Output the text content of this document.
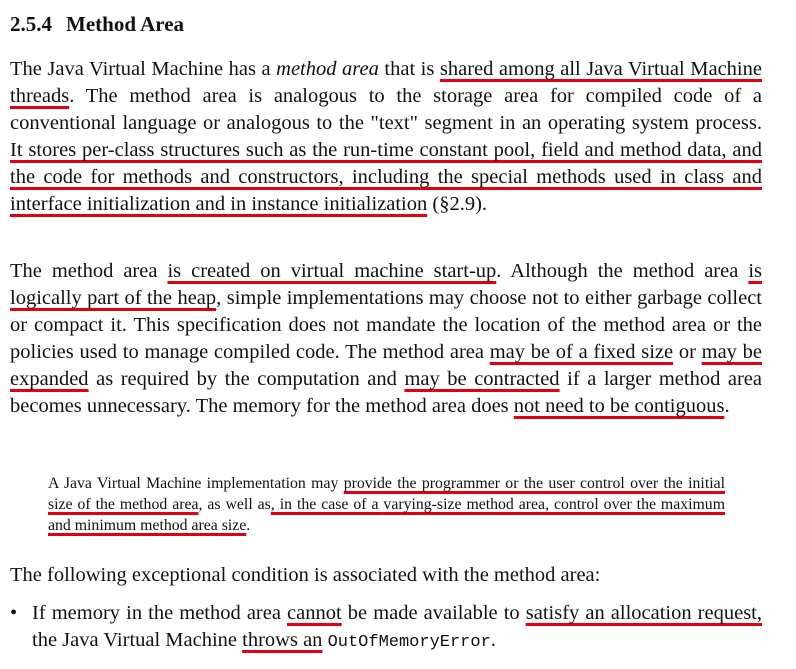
2.5.4 Method Area

The Java Virtual Machine has a method area that is shared among all Java Virtual Machine threads. The method area is analogous to the storage area for compiled code of a conventional language or analogous to the "text" segment in an operating system process. It stores per-class structures such as the run-time constant pool, field and method data, and the code for methods and constructors, including the special methods used in class and interface initialization and in instance initialization (§2.9).

The method area is created on virtual machine start-up. Although the method area is logically part of the heap, simple implementations may choose not to either garbage collect or compact it. This specification does not mandate the location of the method area or the policies used to manage compiled code. The method area may be of a fixed size or may be expanded as required by the computation and may be contracted if a larger method area becomes unnecessary. The memory for the method area does not need to be contiguous.

A Java Virtual Machine implementation may provide the programmer or the user control over the initial size of the method area, as well as, in the case of a varying-size method area, control over the maximum and minimum method area size.

The following exceptional condition is associated with the method area:

• If memory in the method area cannot be made available to satisfy an allocation request, the Java Virtual Machine throws an OutOfMemoryError.
